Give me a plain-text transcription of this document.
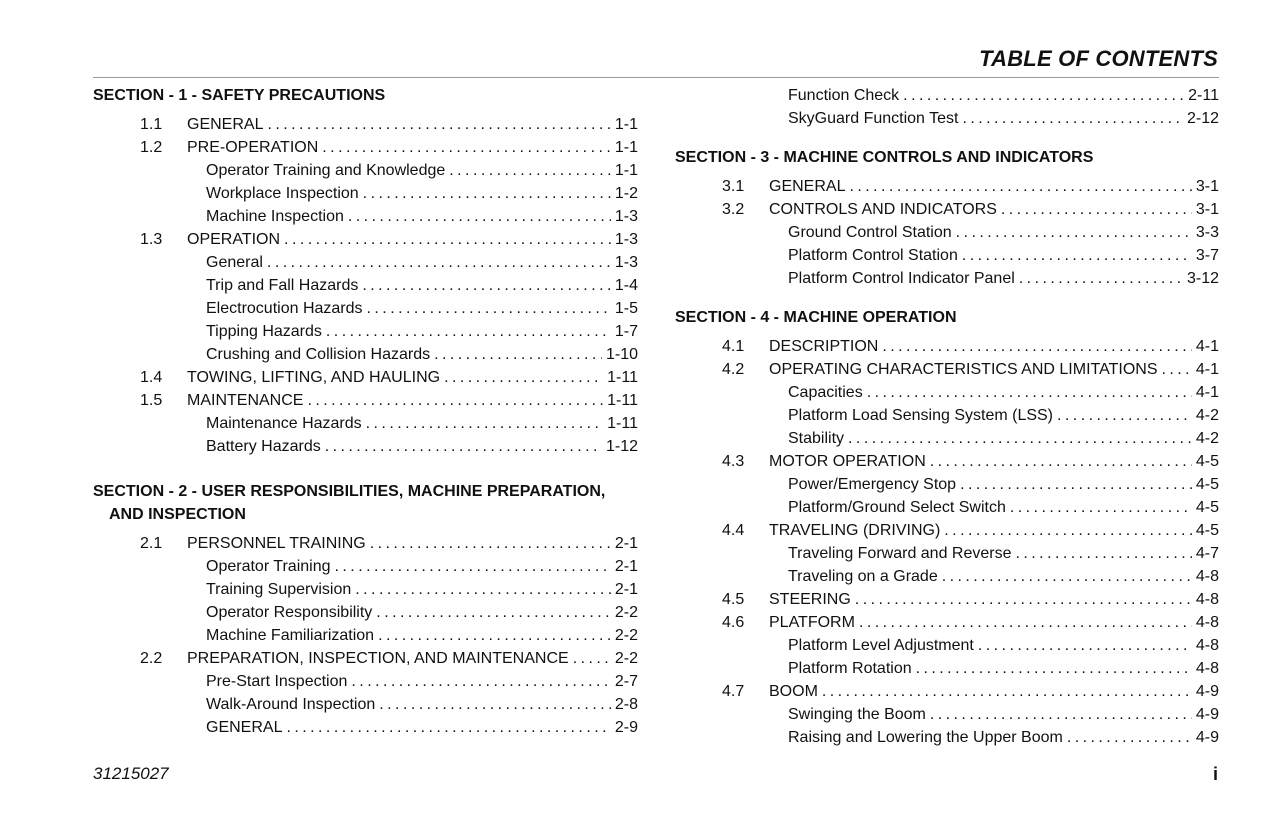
TABLE OF CONTENTS
SECTION - 1 - SAFETY PRECAUTIONS
1.1 GENERAL . . .	1-1
1.2 PRE-OPERATION . . .	1-1
Operator Training and Knowledge . . .	1-1
Workplace Inspection . . .	1-2
Machine Inspection . . .	1-3
1.3 OPERATION . . .	1-3
General . . .	1-3
Trip and Fall Hazards . . .	1-4
Electrocution Hazards . . .	1-5
Tipping Hazards . . .	1-7
Crushing and Collision Hazards . . .	1-10
1.4 TOWING, LIFTING, AND HAULING . . .	1-11
1.5 MAINTENANCE . . .	1-11
Maintenance Hazards . . .	1-11
Battery Hazards . . .	1-12
SECTION - 2 - USER RESPONSIBILITIES, MACHINE PREPARATION, AND INSPECTION
2.1 PERSONNEL TRAINING . . .	2-1
Operator Training . . .	2-1
Training Supervision . . .	2-1
Operator Responsibility . . .	2-2
Machine Familiarization . . .	2-2
2.2 PREPARATION, INSPECTION, AND MAINTENANCE . . .	2-2
Pre-Start Inspection . . .	2-7
Walk-Around Inspection . . .	2-8
GENERAL . . .	2-9
Function Check . . .	2-11
SkyGuard Function Test . . .	2-12
SECTION - 3 - MACHINE CONTROLS AND INDICATORS
3.1 GENERAL . . .	3-1
3.2 CONTROLS AND INDICATORS . . .	3-1
Ground Control Station . . .	3-3
Platform Control Station . . .	3-7
Platform Control Indicator Panel . . .	3-12
SECTION - 4 - MACHINE OPERATION
4.1 DESCRIPTION . . .	4-1
4.2 OPERATING CHARACTERISTICS AND LIMITATIONS . . . 4-1
Capacities . . .	4-1
Platform Load Sensing System (LSS) . . .	4-2
Stability . . .	4-2
4.3 MOTOR OPERATION . . .	4-5
Power/Emergency Stop . . .	4-5
Platform/Ground Select Switch . . .	4-5
4.4 TRAVELING (DRIVING) . . .	4-5
Traveling Forward and Reverse . . .	4-7
Traveling on a Grade . . .	4-8
4.5 STEERING . . .	4-8
4.6 PLATFORM . . .	4-8
Platform Level Adjustment . . .	4-8
Platform Rotation . . .	4-8
4.7 BOOM . . .	4-9
Swinging the Boom . . .	4-9
Raising and Lowering the Upper Boom . . .	4-9
31215027	i
